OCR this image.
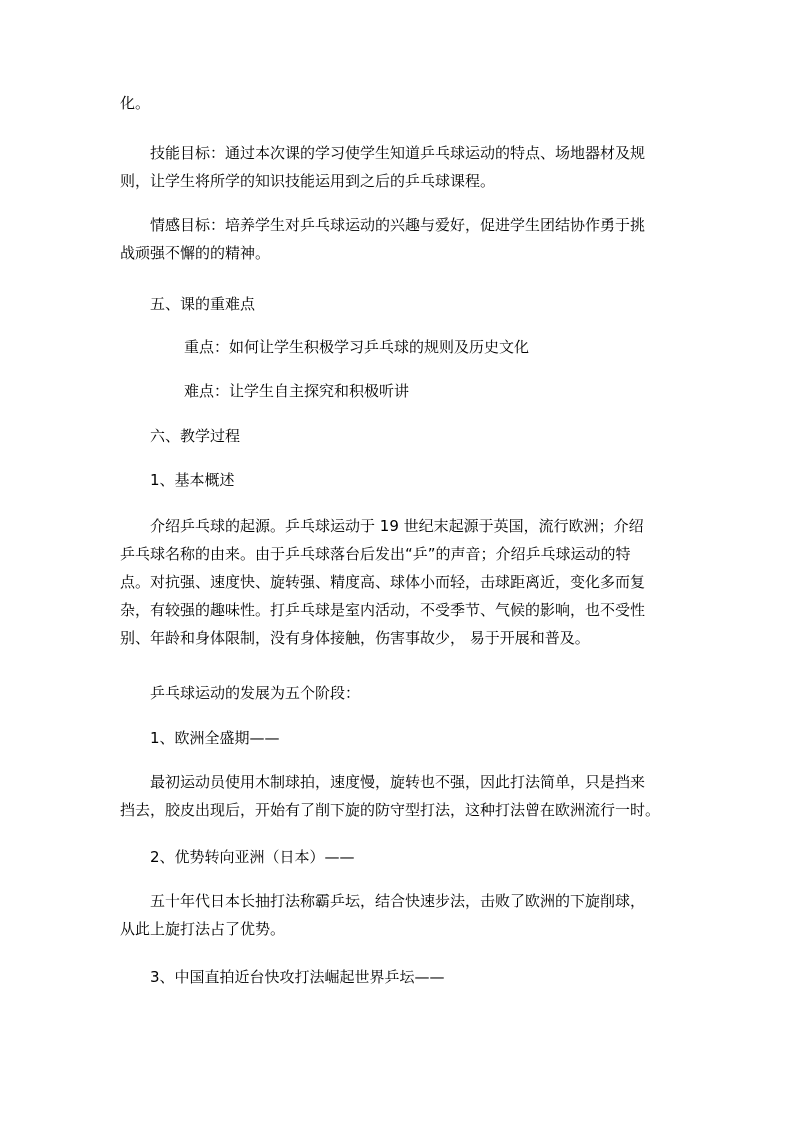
化。

技能目标：通过本次课的学习使学生知道乒乓球运动的特点、场地器材及规
则，让学生将所学的知识技能运用到之后的乒乓球课程。

情感目标：培养学生对乒乓球运动的兴趣与爱好，促进学生团结协作勇于挑
战顽强不懈的的精神。

五、课的重难点

重点：如何让学生积极学习乒乓球的规则及历史文化

难点：让学生自主探究和积极听讲

六、教学过程

1、基本概述

介绍乒乓球的起源。乒乓球运动于 19 世纪末起源于英国，流行欧洲；介绍
乒乓球名称的由来。由于乒乓球落台后发出“乒”的声音；介绍乒乓球运动的特
点。对抗强、速度快、旋转强、精度高、球体小而轻，击球距离近，变化多而复
杂，有较强的趣味性。打乒乓球是室内活动，不受季节、气候的影响，也不受性
别、年龄和身体限制，没有身体接触，伤害事故少， 易于开展和普及。

乒乓球运动的发展为五个阶段：

1、欧洲全盛期——

最初运动员使用木制球拍，速度慢，旋转也不强，因此打法简单，只是挡来
挡去，胶皮出现后，开始有了削下旋的防守型打法，这种打法曾在欧洲流行一时。

2、优势转向亚洲（日本）——

五十年代日本长抽打法称霸乒坛，结合快速步法，击败了欧洲的下旋削球，
从此上旋打法占了优势。

3、中国直拍近台快攻打法崛起世界乒坛——
